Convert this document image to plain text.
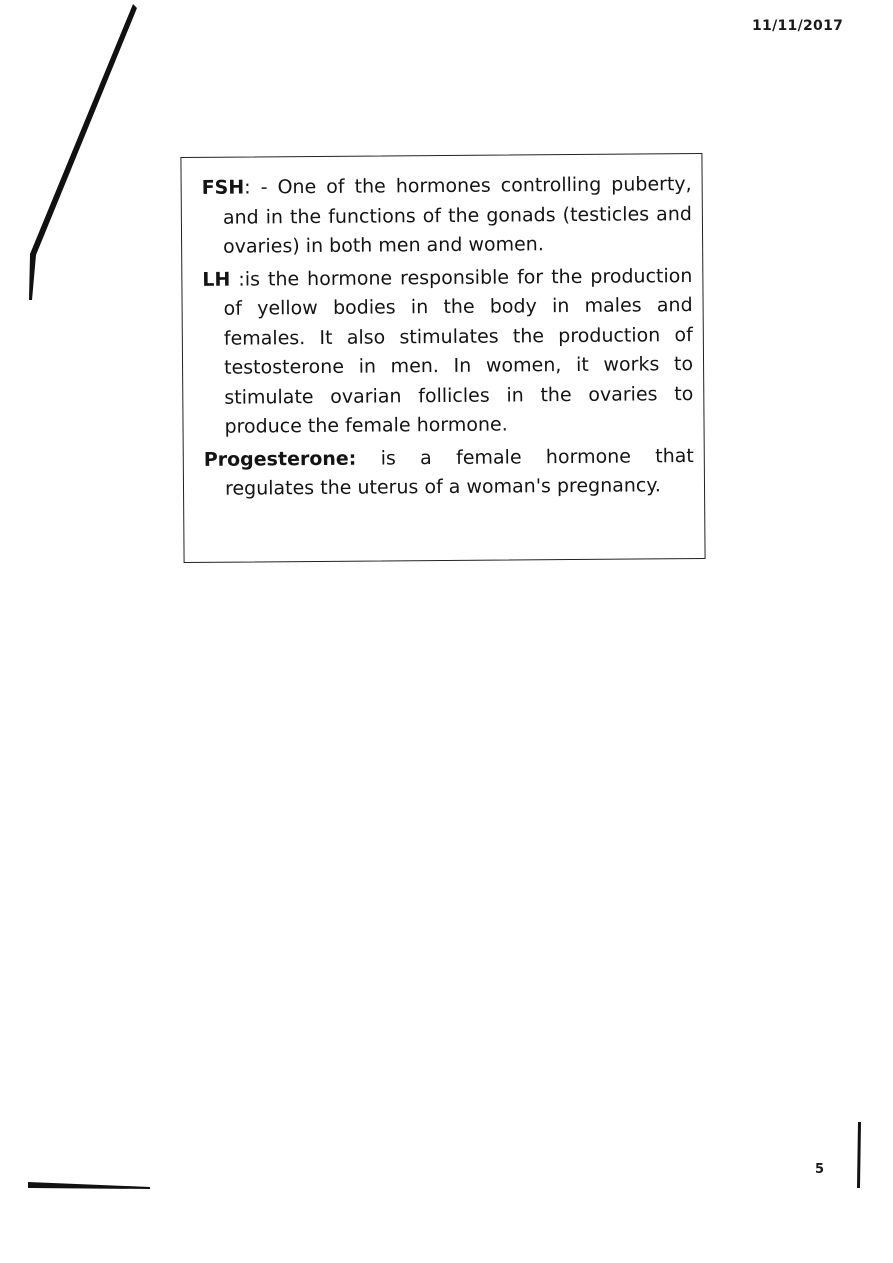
11/11/2017

FSH: - One of the hormones controlling puberty, and in the functions of the gonads (testicles and ovaries) in both men and women.

LH :is the hormone responsible for the production of yellow bodies in the body in males and females. It also stimulates the production of testosterone in men. In women, it works to stimulate ovarian follicles in the ovaries to produce the female hormone.

Progesterone: is a female hormone that regulates the uterus of a woman's pregnancy.

5
